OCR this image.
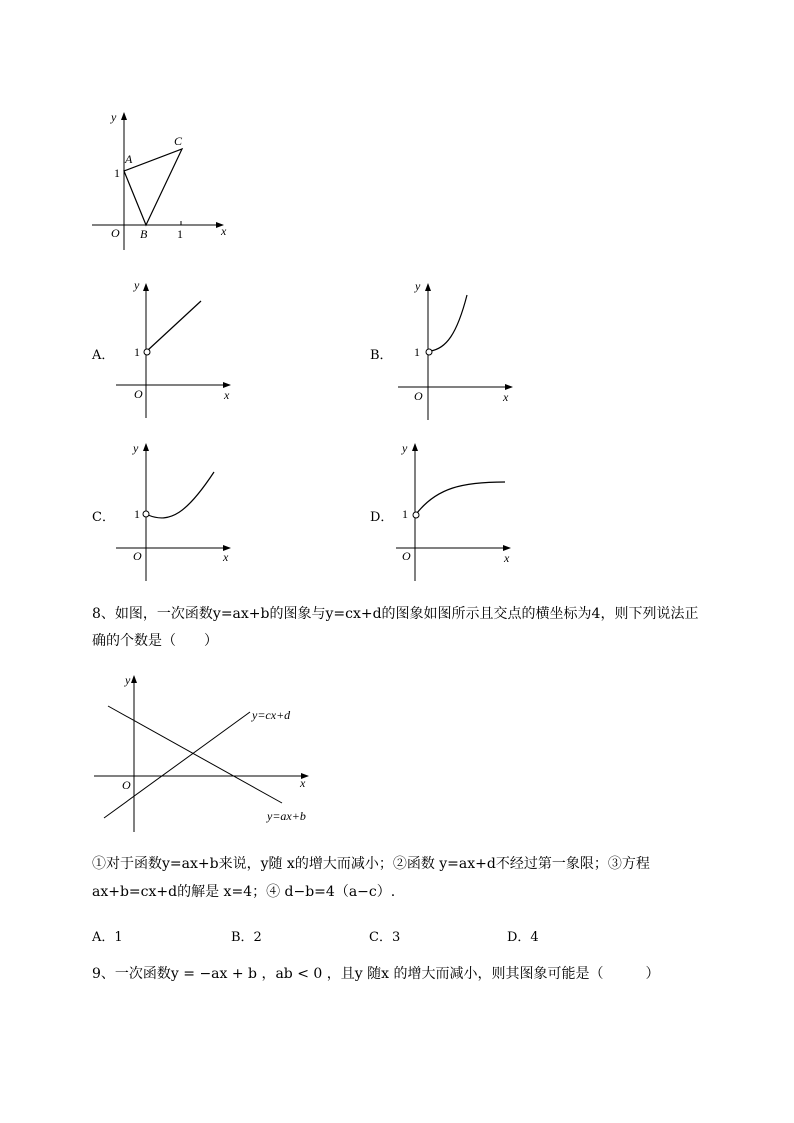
y
x
O
A
B
C
1
1
A．
y
x
O
1	B．
y
x
O
1
C．
y
x
O
1	D．
y
x
O
1
8、如图，一次函数y=ax+b的图象与y=cx+d的图象如图所示且交点的横坐标为4，则下列说法正
确的个数是（　　）
y
x
O
y=cx+d
y=ax+b
①对于函数y=ax+b来说，y随 x的增大而减小；②函数 y=ax+d不经过第一象限；③方程
ax+b=cx+d的解是 x=4；④ d−b=4（a−c）.
A．1	B．2	C．3	D．4
9、一次函数y = −ax + b ，ab < 0 ，且y 随x 的增大而减小，则其图象可能是（　　　）
